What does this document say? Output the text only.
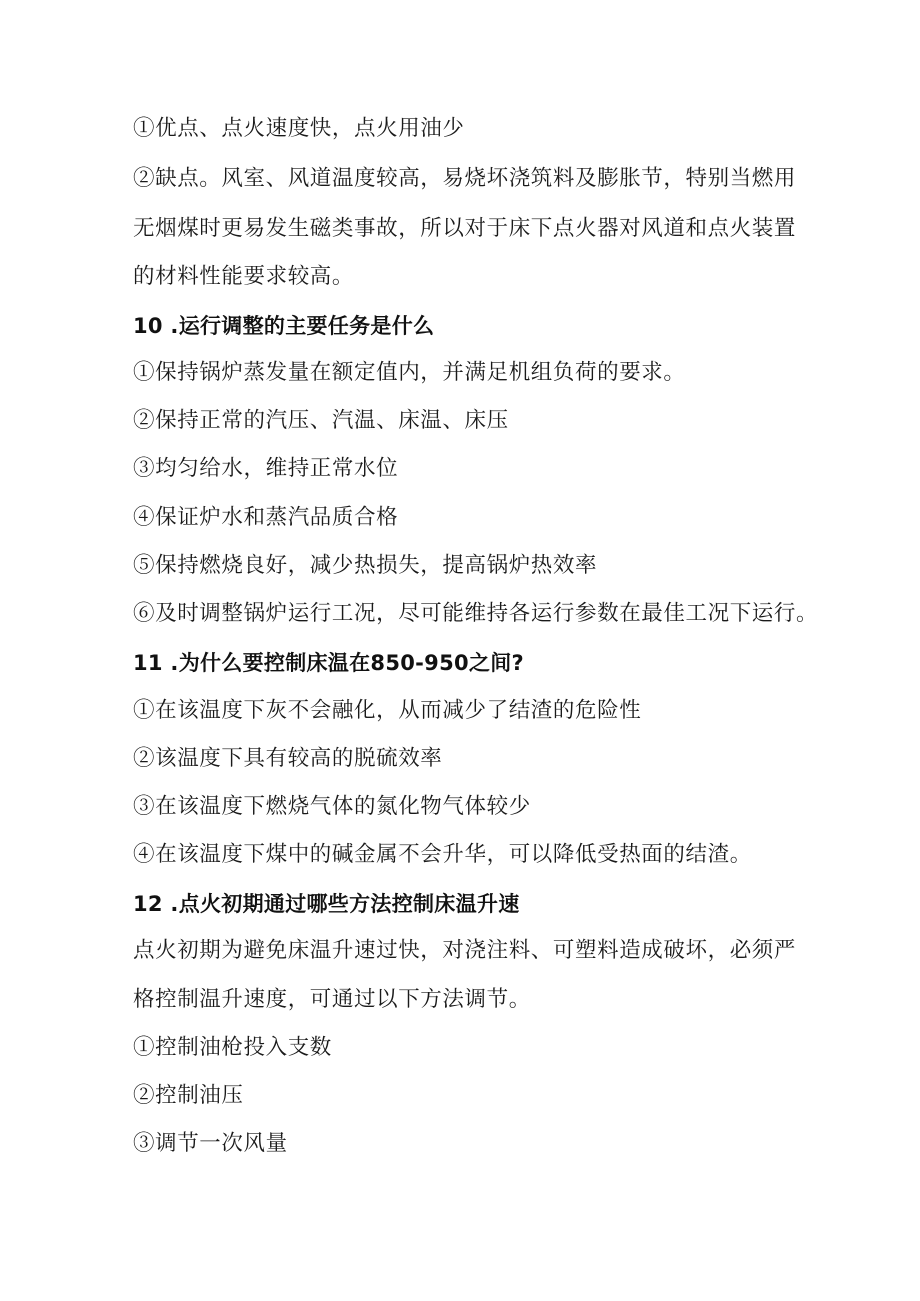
①优点、点火速度快，点火用油少
②缺点。风室、风道温度较高，易烧坏浇筑料及膨胀节，特别当燃用
无烟煤时更易发生磁类事故，所以对于床下点火器对风道和点火装置
的材料性能要求较高。
10 .运行调整的主要任务是什么
①保持锅炉蒸发量在额定值内，并满足机组负荷的要求。
②保持正常的汽压、汽温、床温、床压
③均匀给水，维持正常水位
④保证炉水和蒸汽品质合格
⑤保持燃烧良好，减少热损失，提高锅炉热效率
⑥及时调整锅炉运行工况，尽可能维持各运行参数在最佳工况下运行。
11 .为什么要控制床温在850-950之间?
①在该温度下灰不会融化，从而减少了结渣的危险性
②该温度下具有较高的脱硫效率
③在该温度下燃烧气体的氮化物气体较少
④在该温度下煤中的碱金属不会升华，可以降低受热面的结渣。
12 .点火初期通过哪些方法控制床温升速
点火初期为避免床温升速过快，对浇注料、可塑料造成破坏，必须严
格控制温升速度，可通过以下方法调节。
①控制油枪投入支数
②控制油压
③调节一次风量
